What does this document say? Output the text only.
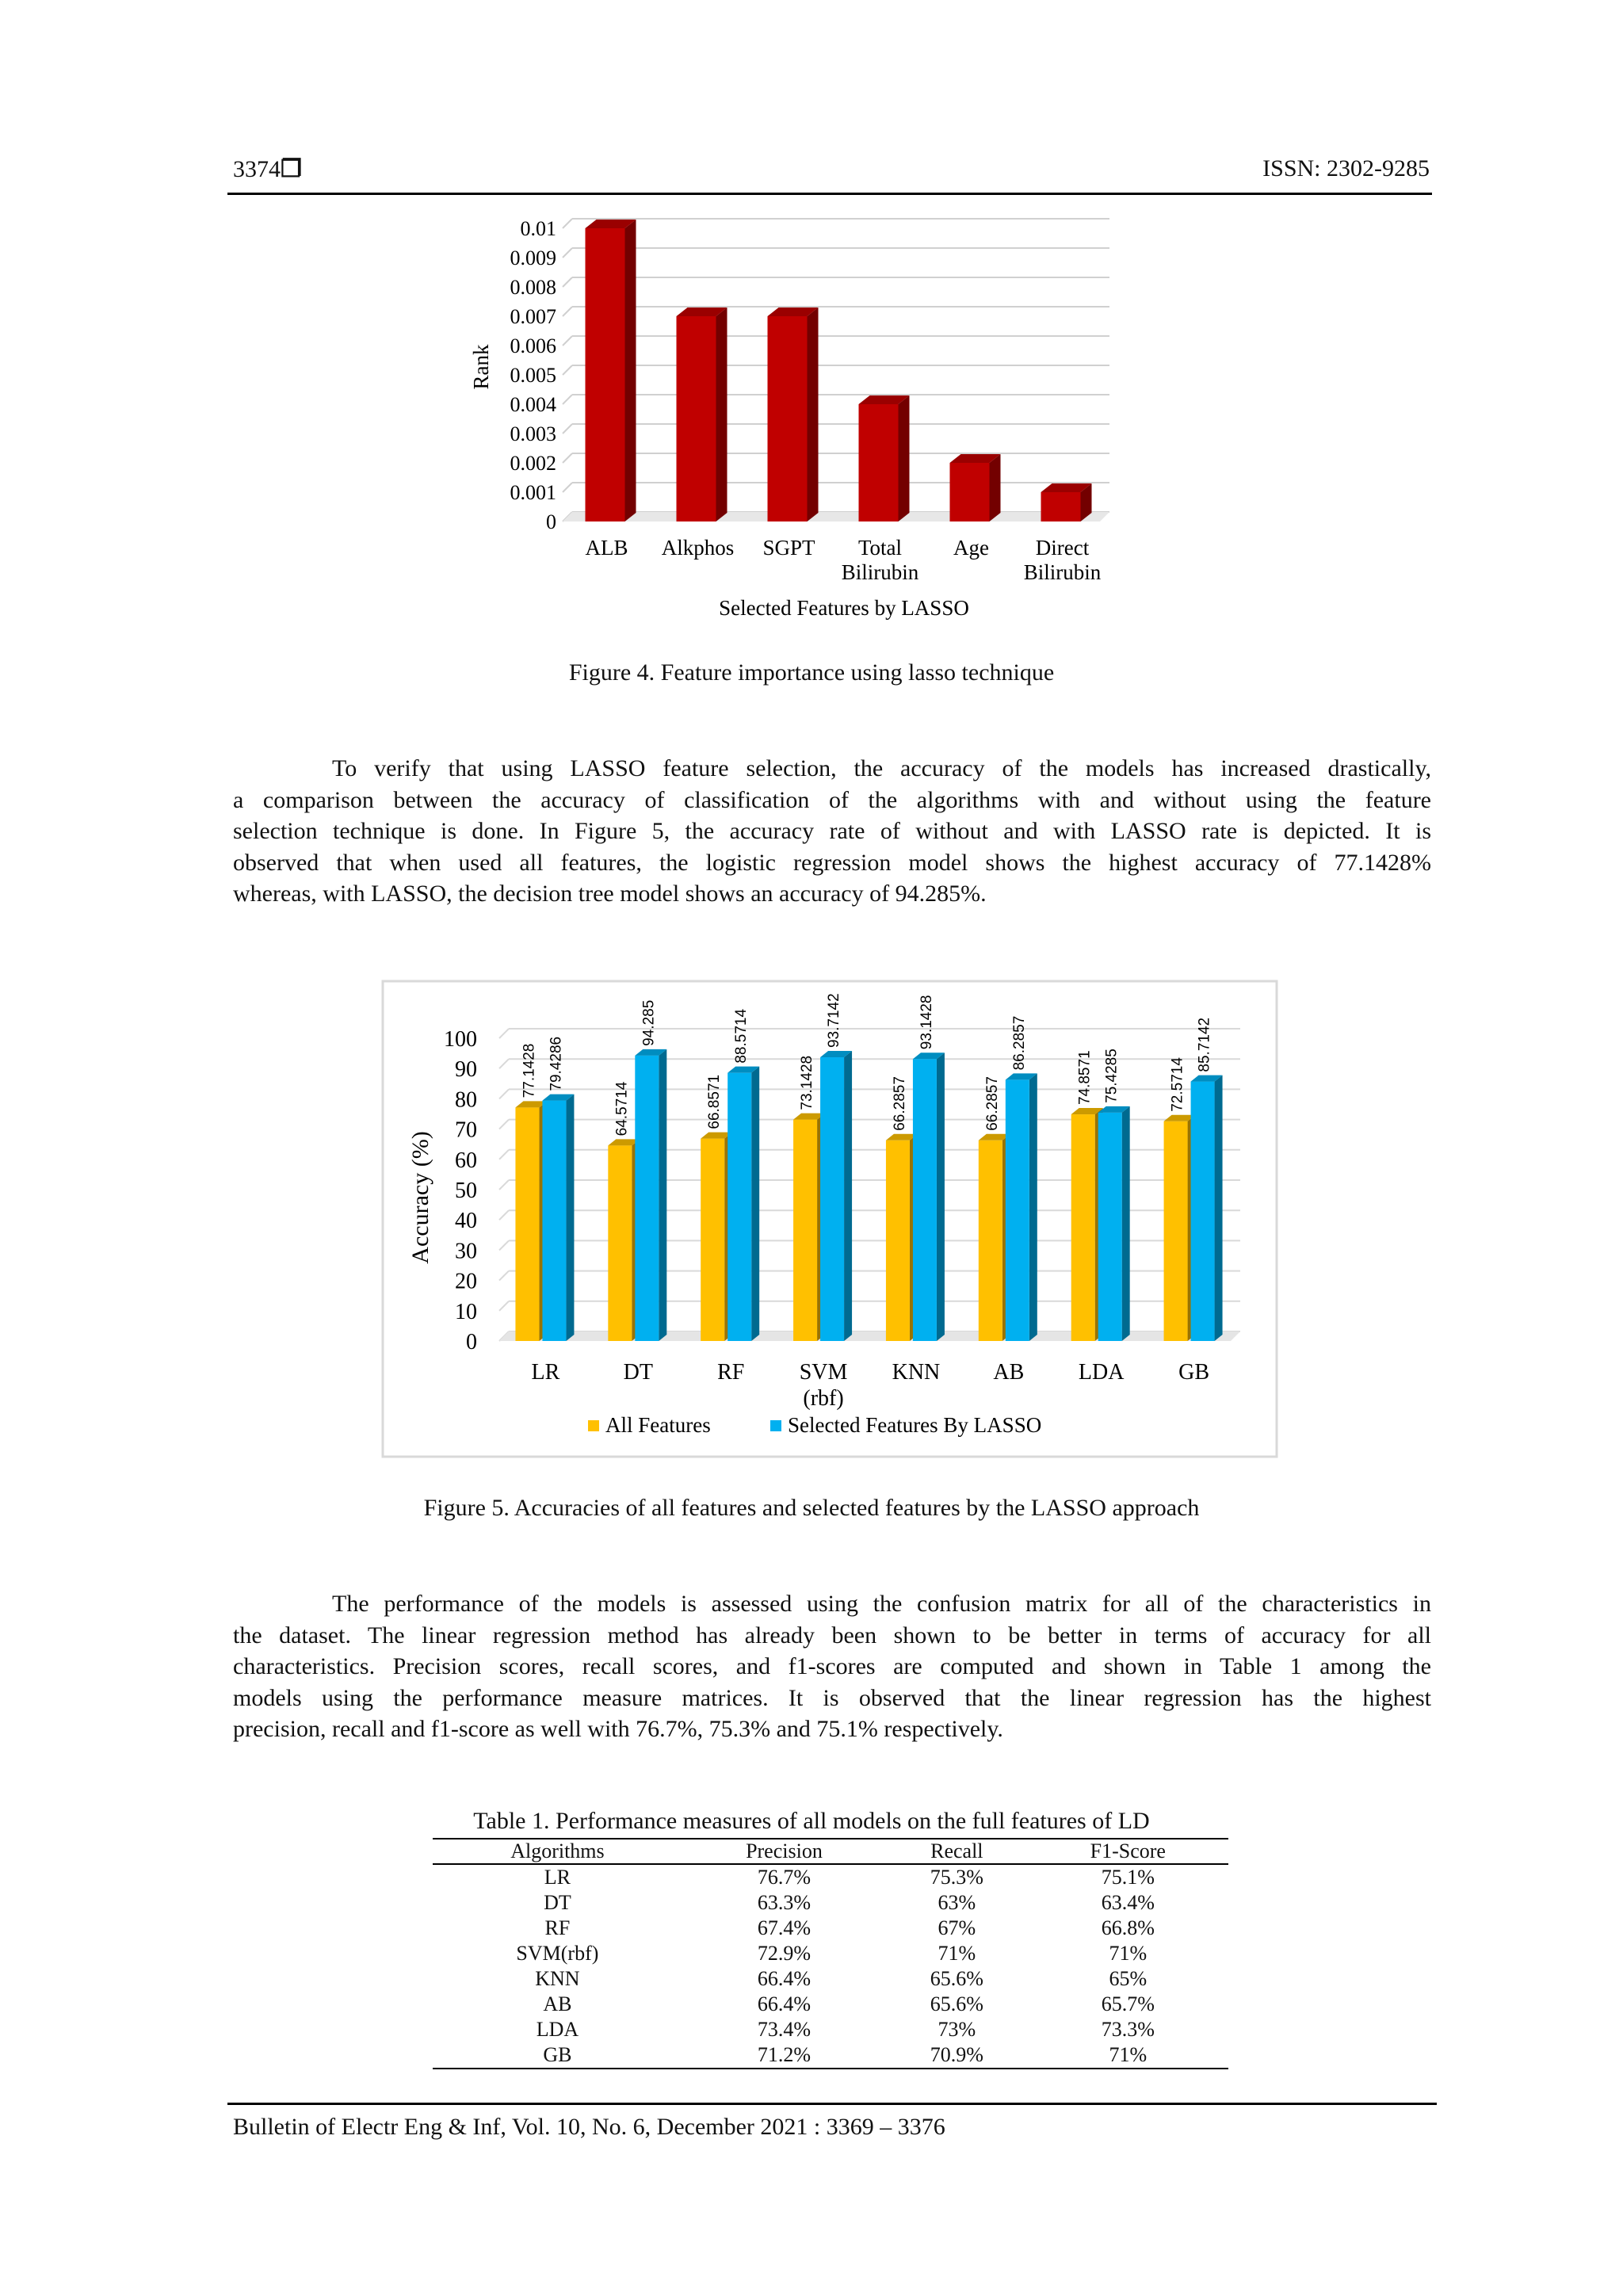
3374❐	ISSN: 2302-9285
0
0.001
0.002
0.003
0.004
0.005
0.006
0.007
0.008
0.009
0.01
ALB Alkphos SGPT Total
Bilirubin
Age Direct
Bilirubin
Rank
Selected Features by LASSO
Figure 4. Feature importance using lasso technique
To verify that using LASSO feature selection, the accuracy of the models has increased drastically,
a comparison between the accuracy of classification of the algorithms with and without using the feature
selection technique is done. In Figure 5, the accuracy rate of without and with LASSO rate is depicted. It is
observed that when used all features, the logistic regression model shows the highest accuracy of 77.1428%
whereas, with LASSO, the decision tree model shows an accuracy of 94.285%.
0
10
20
30
40
50
60
70
80
90
100
77.1428 79.4286
LR
64.5714
94.285
DT
66.8571
88.5714
RF
73.1428
93.7142
SVM
(rbf)
66.2857
93.1428
KNN
66.2857
86.2857
AB
74.8571 75.4285
LDA
72.5714
85.7142
GB
Accuracy (%)
All Features	Selected Features By LASSO
Figure 5. Accuracies of all features and selected features by the LASSO approach
The performance of the models is assessed using the confusion matrix for all of the characteristics in
the dataset. The linear regression method has already been shown to be better in terms of accuracy for all
characteristics. Precision scores, recall scores, and f1-scores are computed and shown in Table 1 among the
models using the performance measure matrices. It is observed that the linear regression has the highest
precision, recall and f1-score as well with 76.7%, 75.3% and 75.1% respectively.
Table 1. Performance measures of all models on the full features of LD
Algorithms	Precision	Recall	F1-Score
LR	76.7%	75.3%	75.1%
DT	63.3%	63%	63.4%
RF	67.4%	67%	66.8%
SVM(rbf)	72.9%	71%	71%
KNN	66.4%	65.6%	65%
AB	66.4%	65.6%	65.7%
LDA	73.4%	73%	73.3%
GB	71.2%	70.9%	71%
Bulletin of Electr Eng & Inf, Vol. 10, No. 6, December 2021 : 3369 – 3376
